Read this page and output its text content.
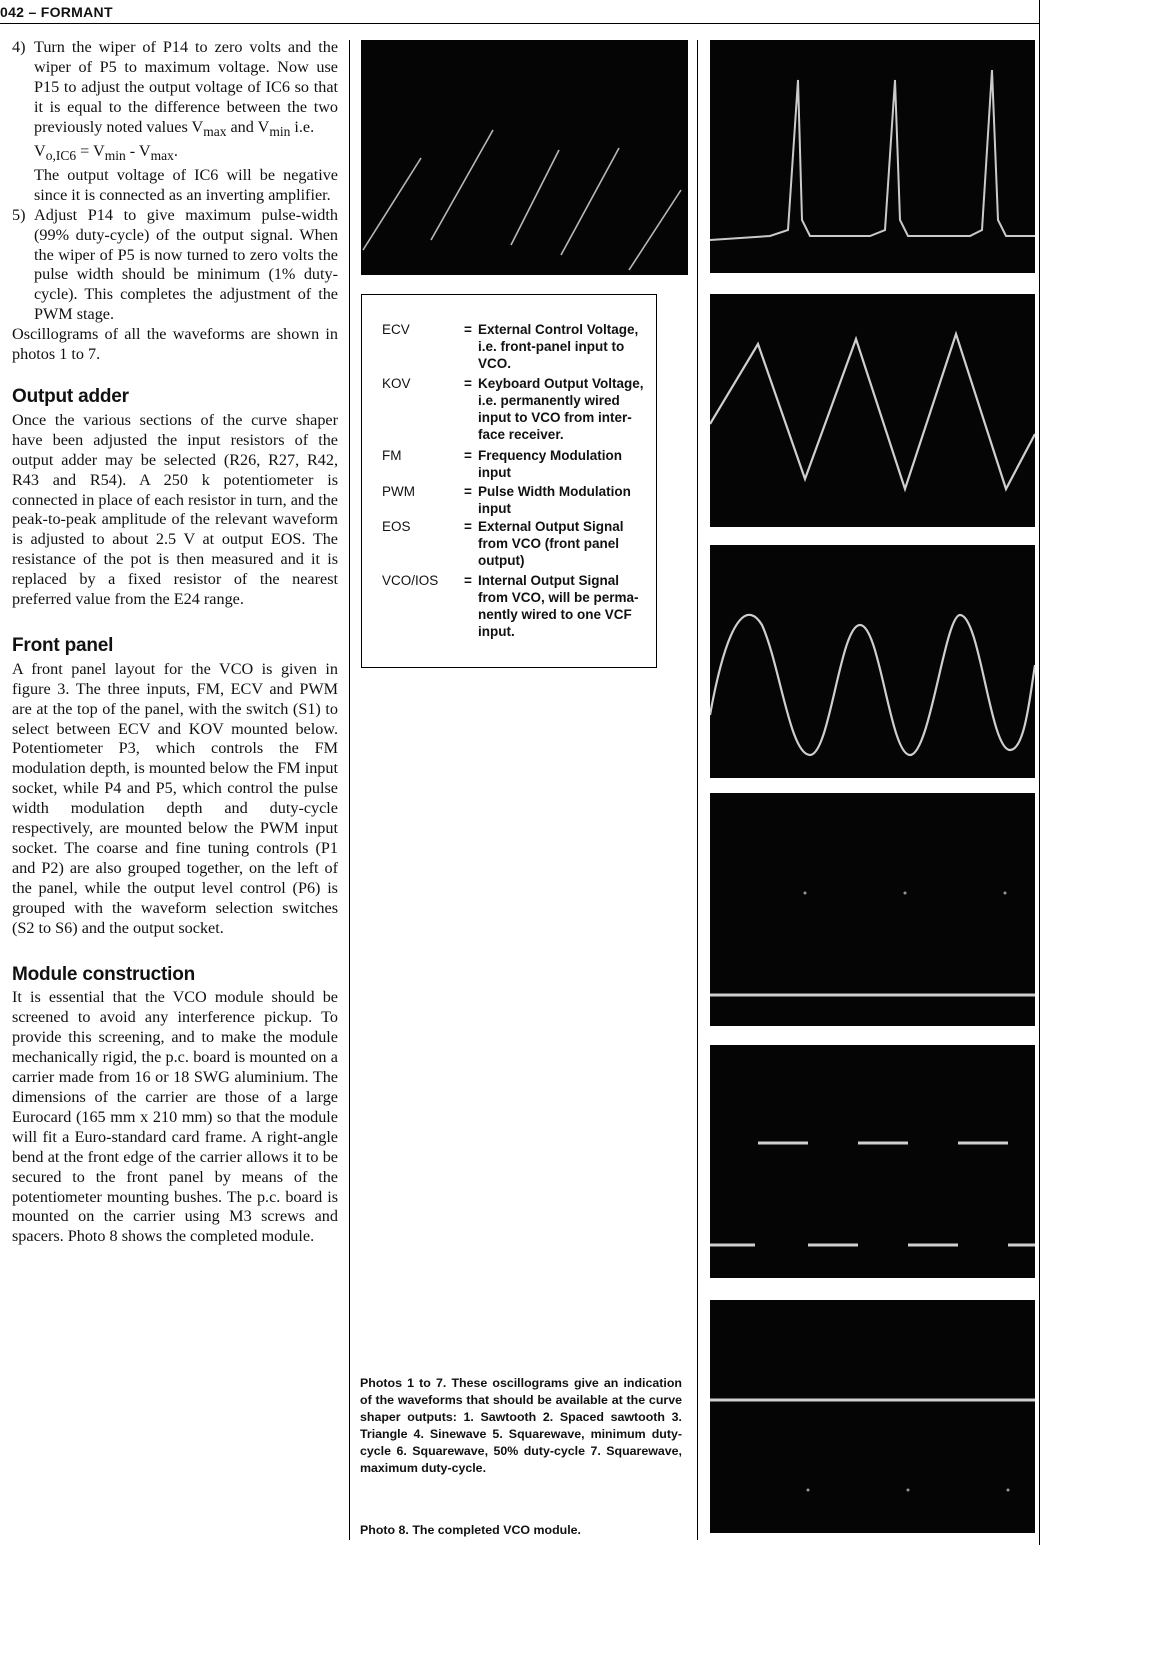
042 – FORMANT
4) Turn the wiper of P14 to zero volts and the wiper of P5 to maximum voltage. Now use P15 to adjust the output voltage of IC6 so that it is equal to the difference between the two previously noted values $V_{max}$ and $V_{min}$ i.e.
$V_{o,IC6} = V_{min} - V_{max}$.
The output voltage of IC6 will be negative since it is connected as an inverting amplifier.
5) Adjust P14 to give maximum pulse-width (99% duty-cycle) of the output signal. When the wiper of P5 is now turned to zero volts the pulse width should be minimum (1% duty-cycle). This completes the adjustment of the PWM stage.

Oscillograms of all the waveforms are shown in photos 1 to 7.

Output adder

Once the various sections of the curve shaper have been adjusted the input resistors of the output adder may be selected (R26, R27, R42, R43 and R54). A 250 k potentiometer is connected in place of each resistor in turn, and the peak-to-peak amplitude of the relevant waveform is adjusted to about 2.5 V at output EOS. The resistance of the pot is then measured and it is replaced by a fixed resistor of the nearest preferred value from the E24 range.

Front panel

A front panel layout for the VCO is given in figure 3. The three inputs, FM, ECV and PWM are at the top of the panel, with the switch (S1) to select between ECV and KOV mounted below. Potentiometer P3, which controls the FM modulation depth, is mounted below the FM input socket, while P4 and P5, which control the pulse width modulation depth and duty-cycle respectively, are mounted below the PWM input socket. The coarse and fine tuning controls (P1 and P2) are also grouped together, on the left of the panel, while the output level control (P6) is grouped with the waveform selection switches (S2 to S6) and the output socket.

Module construction

It is essential that the VCO module should be screened to avoid any interference pickup. To provide this screening, and to make the module mechanically rigid, the p.c. board is mounted on a carrier made from 16 or 18 SWG aluminium. The dimensions of the carrier are those of a large Eurocard (165 mm x 210 mm) so that the module will fit a Euro-standard card frame. A right-angle bend at the front edge of the carrier allows it to be secured to the front panel by means of the potentiometer mounting bushes. The p.c. board is mounted on the carrier using M3 screws and spacers. Photo 8 shows the completed module.

ECV	= External Control Voltage,
i.e. front-panel input to
VCO.
KOV	= Keyboard Output Voltage,
i.e. permanently wired
input to VCO from inter-
face receiver.
FM	= Frequency Modulation
input
PWM	= Pulse Width Modulation
input
EOS	= External Output Signal
from VCO (front panel
output)
VCO/IOS	= Internal Output Signal
from VCO, will be perma-
nently wired to one VCF
input.
Photos 1 to 7. These oscillograms give an indication of the waveforms that should be available at the curve shaper outputs: 1. Sawtooth 2. Spaced sawtooth 3. Triangle 4. Sinewave 5. Squarewave, minimum duty-cycle 6. Squarewave, 50% duty-cycle 7. Squarewave, maximum duty-cycle.
Photo 8. The completed VCO module.
